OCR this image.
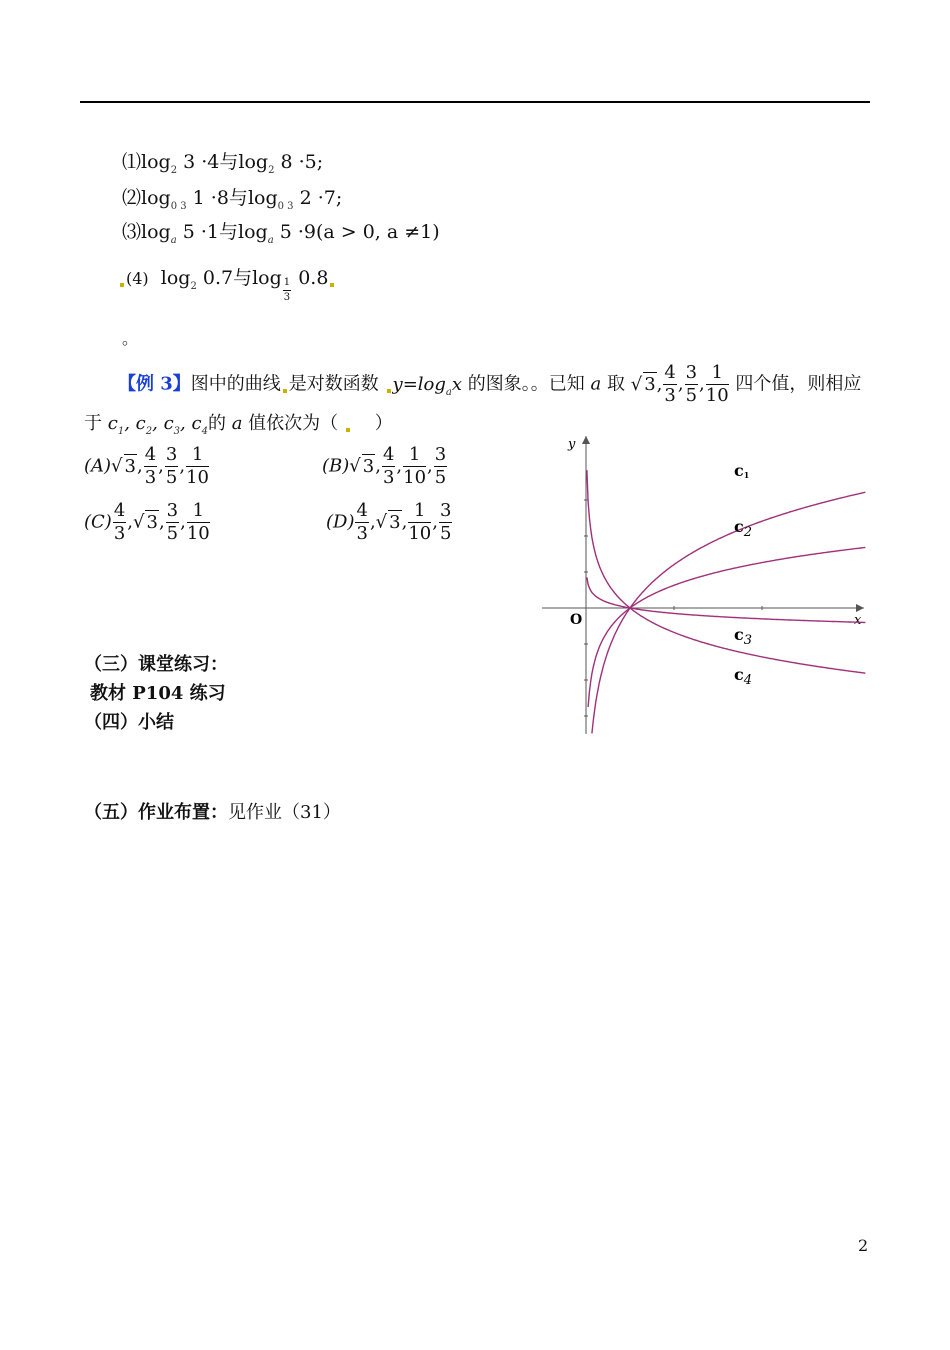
$⑴\log_2$ 3 ·4与$\log_2 8 \cdot 5$;
$⑵\log_{0 3}$ 1 ·8与$\log_{0 3} 2 \cdot 7$;
$⑶\log_a$ 5 ·1与$\log_a 5 \cdot 9(a > 0$, a ≠1)
(4) $\log_2 0.7$与$\log \frac{1}{3} 0.8$
。
【例 3】图中的曲线 是对数函数 $y=\log_ax$ 的图象。。已知 a 取 √ 3, $\frac{4}{3}$ , $\frac{3}{5}$ , $\frac{1}{10}$ 四个值，则相应
于 $c_1$, $c_2$, $c_3$, $c_4$的 a 值依次为（ ）
(A)√ 3, $\frac{4}{3}$ , $\frac{3}{5}$ , $\frac{1}{10}$	(B)√ 3, $\frac{4}{3}$ , $\frac{1}{10}$ , $\frac{3}{5}$
$(C) \frac{4}{3}$ ,√ 3, $\frac{3}{5}$ , $\frac{1}{10}$	$(D) \frac{4}{3}$ ,√ 3, $\frac{1}{10}$ , $\frac{3}{5}$
y
x
O
c1
$c_2$
$c_3$
$c_4$
（三）课堂练习：
教材 P104 练习
（四）小结
（五）作业布置：见作业（31）
2
